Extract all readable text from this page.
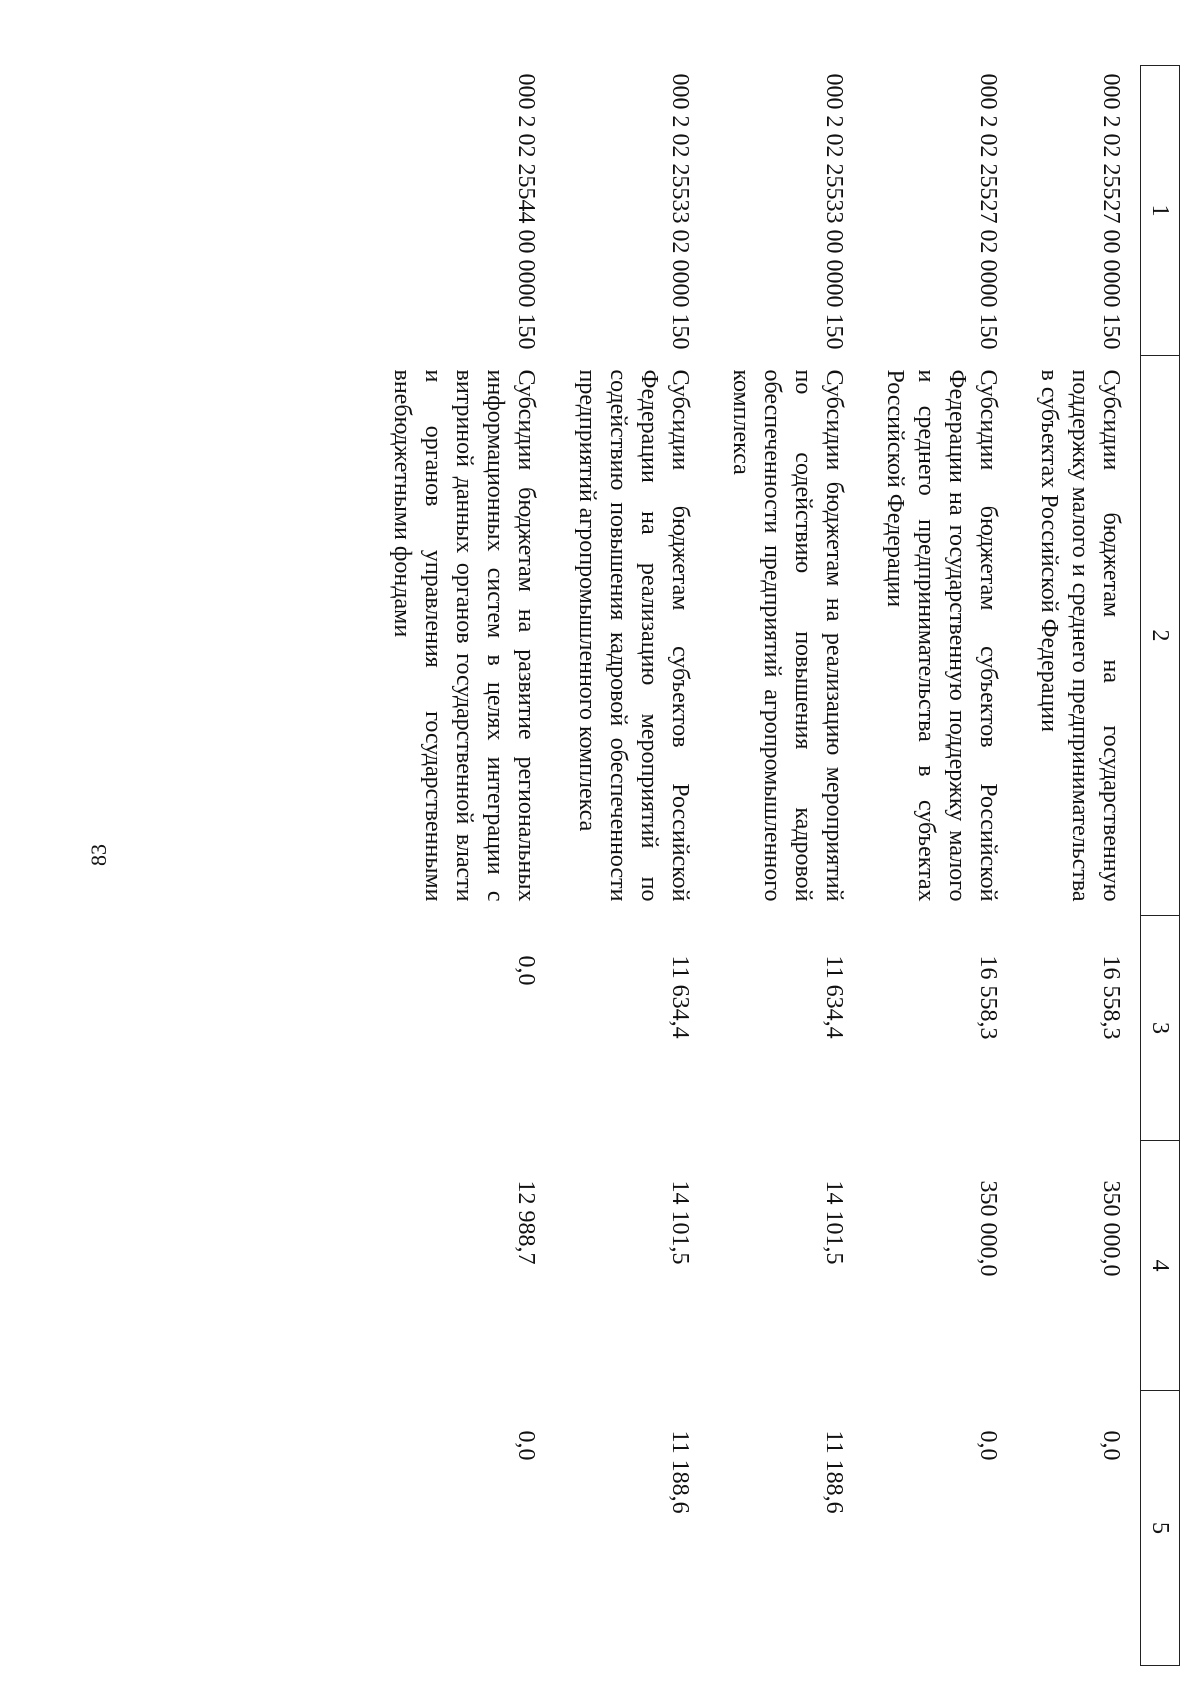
83
1	2	3	4	5
000 2 02 25527 00 0000 150	Субсидии бюджетам на государственную поддержку малого и среднего предпринимательства в субъектах Российской Федерации	16 558,3	350 000,0	0,0
000 2 02 25527 02 0000 150	Субсидии бюджетам субъектов Российской Федерации на государственную поддержку малого и среднего предпринимательства в субъектах Российской Федерации	16 558,3	350 000,0	0,0
000 2 02 25533 00 0000 150	Субсидии бюджетам на реализацию мероприятий по содействию повышения кадровой обеспеченности предприятий агропромышленного комплекса	11 634,4	14 101,5	11 188,6
000 2 02 25533 02 0000 150	Субсидии бюджетам субъектов Российской Федерации на реализацию мероприятий по содействию повышения кадровой обеспеченности предприятий агропромышленного комплекса	11 634,4	14 101,5	11 188,6
000 2 02 25544 00 0000 150	Субсидии бюджетам на развитие региональных информационных систем в целях интеграции с витриной данных органов государственной власти и органов управления государственными внебюджетными фондами	0,0	12 988,7	0,0
